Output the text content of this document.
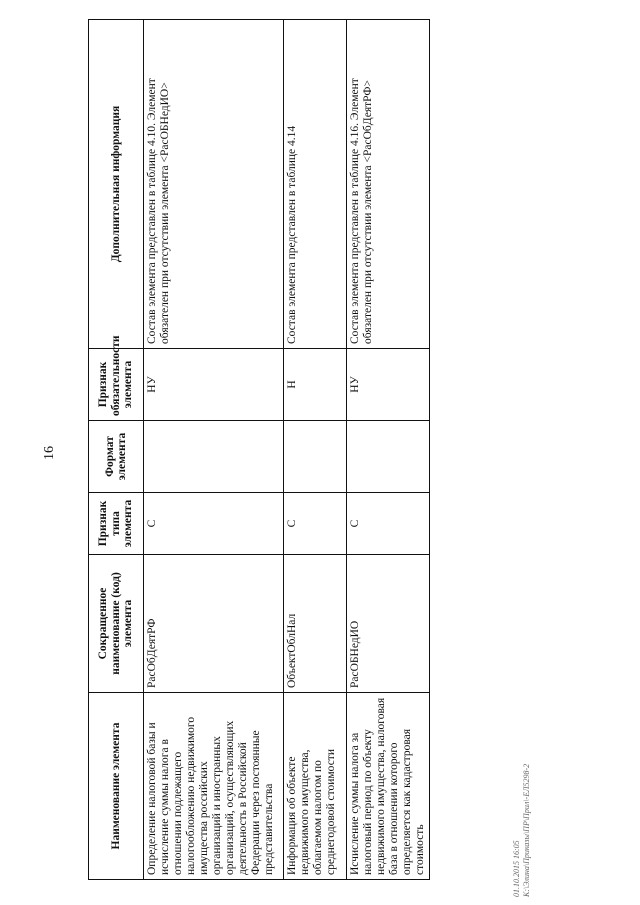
16
Наименование элемента	Сокращенное наименование (код) элемента	Признак типа элемента	Формат элемента	Признак обязательности элемента	Дополнительная информация
Определение налоговой базы и исчисление суммы налога в отношении подлежащего налогообложению недвижимого имущества российских организаций и иностранных организаций, осуществляющих деятельность в Российской Федерации через постоянные представительства	РасОбДеятРФ	С		НУ	Состав элемента представлен в таблице 4.10. Элемент обязателен при отсутствии элемента <РасОБНедИО>
Информация об объекте недвижимого имущества, облагаемом налогом по среднегодовой стоимости	ОбъектОблНал	С		Н	Состав элемента представлен в таблице 4.14
Исчисление суммы налога за налоговый период по объекту недвижимого имущества, налоговая база в отношении которого определяется как кадастровая стоимость	РасОБНедИО	С		НУ	Состав элемента представлен в таблице 4.16. Элемент обязателен при отсутствии элемента <РасОбДеятРФ>
01.10.2015 16:05 K:\Элина\Приказы\ПР\Прил\-ЕЛ5298-2
